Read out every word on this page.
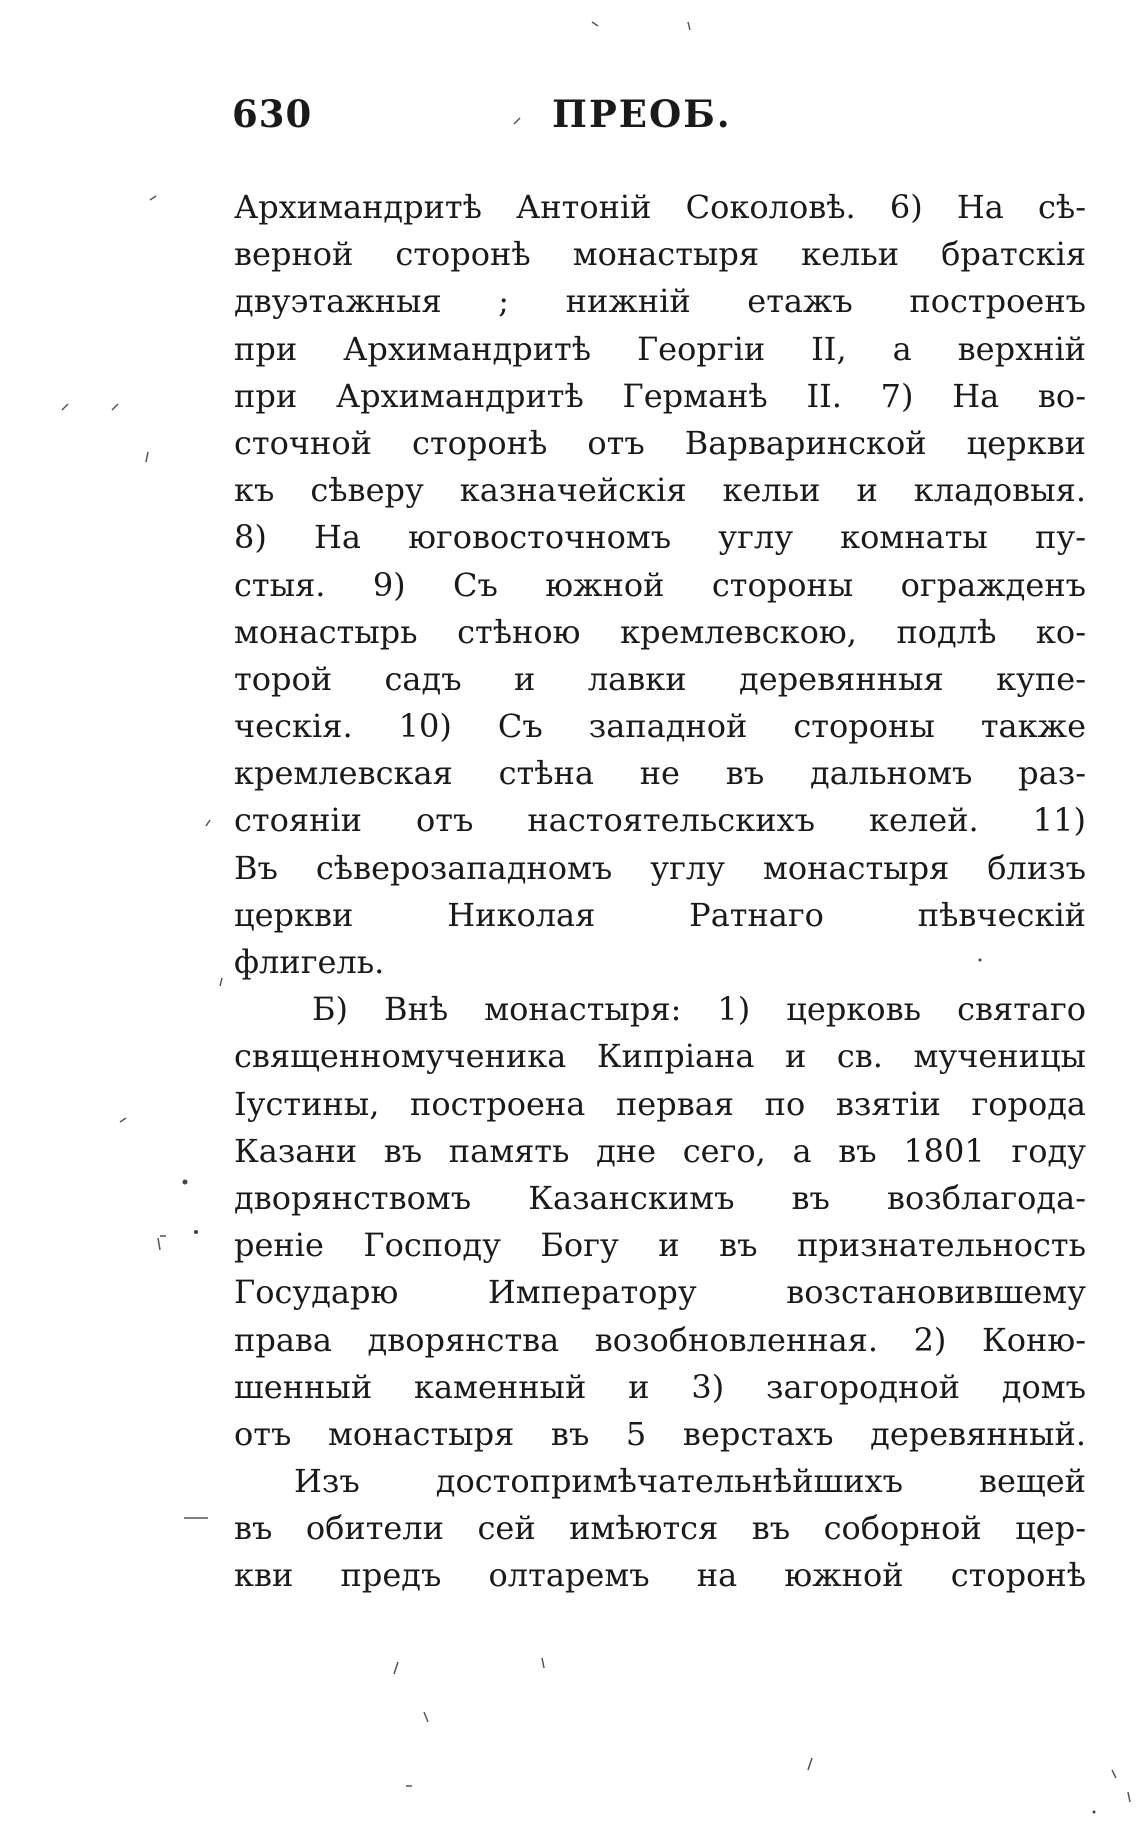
630	ПРЕОБ.
Архимандритѣ Антоній Соколовѣ. 6) На сѣ-
верной сторонѣ монастыря кельи братскія
двуэтажныя ; нижній етажъ построенъ
при Архимандритѣ Георгіи II, а верхній
при Архимандритѣ Германѣ II. 7) На во-
сточной сторонѣ отъ Варваринской церкви
къ сѣверу казначейскія кельи и кладовыя.
8) На юговосточномъ углу комнаты пу-
стыя. 9) Съ южной стороны огражденъ
монастырь стѣною кремлевскою, подлѣ ко-
торой садъ и лавки деревянныя купе-
ческія. 10) Съ западной стороны также
кремлевская стѣна не въ дальномъ раз-
стояніи отъ настоятельскихъ келей. 11)
Въ сѣверозападномъ углу монастыря близъ
церкви Николая Ратнаго пѣвческій
флигель.
Б) Внѣ монастыря: 1) церковь святаго
священномученика Кипріана и св. мученицы
Іустины, построена первая по взятіи города
Казани въ память дне сего, а въ 1801 году
дворянствомъ Казанскимъ въ возблагода-
реніе Господу Богу и въ признательность
Государю Императору возстановившему
права дворянства возобновленная. 2) Коню-
шенный каменный и 3) загородной домъ
отъ монастыря въ 5 верстахъ деревянный.
Изъ достопримѣчательнѣйшихъ вещей
въ обители сей имѣются въ соборной цер-
кви предъ олтаремъ на южной сторонѣ
